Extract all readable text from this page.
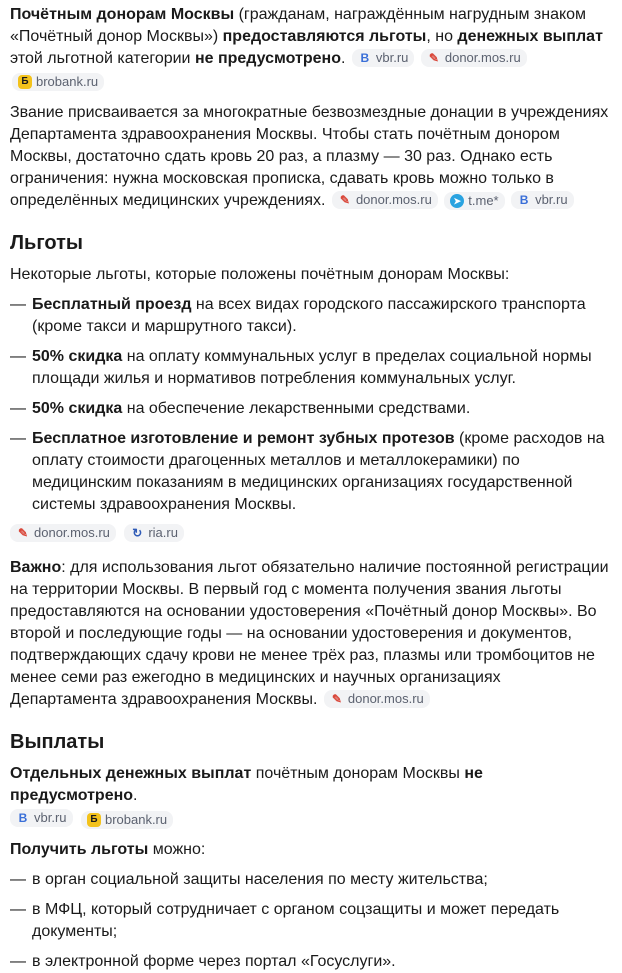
Почётным донорам Москвы (гражданам, награждённым нагрудным знаком «Почётный донор Москвы») предоставляются льготы, но денежных выплат этой льготной категории не предусмотрено. В vbr.ru
✎ donor.mos.ru

Б brobank.ru

Звание присваивается за многократные безвозмездные донации в учреждениях Департамента здравоохранения Москвы. Чтобы стать почётным донором Москвы, достаточно сдать кровь 20 раз, а плазму — 30 раз. Однако есть ограничения: нужна московская прописка, сдавать кровь можно только в определённых медицинских учреждениях. ✎ donor.mos.ru
	➤ t.me*
В vbr.ru

Льготы

Некоторые льготы, которые положены почётным донорам Москвы:

— Бесплатный проезд на всех видах городского пассажирского транспорта (кроме такси и маршрутного такси).
— 50% скидка на оплату коммунальных услуг в пределах социальной нормы площади жилья и нормативов потребления коммунальных услуг.
— 50% скидка на обеспечение лекарственными средствами.
— Бесплатное изготовление и ремонт зубных протезов (кроме расходов на оплату стоимости драгоценных металлов и металлокерамики) по медицинским показаниям в медицинских организациях государственной системы здравоохранения Москвы.
✎ donor.mos.ru
↻ ria.ru

Важно: для использования льгот обязательно наличие постоянной регистрации на территории Москвы. В первый год с момента получения звания льготы предоставляются на основании удостоверения «Почётный донор Москвы». Во второй и последующие годы — на основании удостоверения и документов, подтверждающих сдачу крови не менее трёх раз, плазмы или тромбоцитов не менее семи раз ежегодно в медицинских и научных организациях Департамента здравоохранения Москвы. ✎ donor.mos.ru

Выплаты

Отдельных денежных выплат почётным донорам Москвы не предусмотрено.

В vbr.ru
	Б brobank.ru

Получить льготы можно:

— в орган социальной защиты населения по месту жительства;
— в МФЦ, который сотрудничает с органом соцзащиты и может передать документы;
— в электронной форме через портал «Госуслуги».
